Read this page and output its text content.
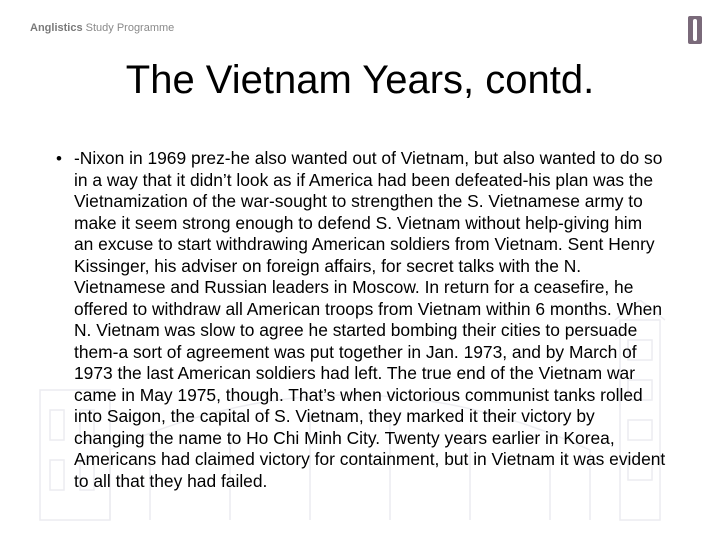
Anglistics Study Programme
The Vietnam Years, contd.
• -Nixon in 1969 prez-he also wanted out of Vietnam, but also wanted to do so in a way that it didn’t look as if America had been defeated-his plan was the Vietnamization of the war-sought to strengthen the S. Vietnamese army to make it seem strong enough to defend S. Vietnam without help-giving him an excuse to start withdrawing American soldiers from Vietnam. Sent Henry Kissinger, his adviser on foreign affairs, for secret talks with the N. Vietnamese and Russian leaders in Moscow. In return for a ceasefire, he offered to withdraw all American troops from Vietnam within 6 months. When N. Vietnam was slow to agree he started bombing their cities to persuade them-a sort of agreement was put together in Jan. 1973, and by March of 1973 the last American soldiers had left. The true end of the Vietnam war came in May 1975, though. That’s when victorious communist tanks rolled into Saigon, the capital of S. Vietnam, they marked it their victory by changing the name to Ho Chi Minh City. Twenty years earlier in Korea, Americans had claimed victory for containment, but in Vietnam it was evident to all that they had failed.
